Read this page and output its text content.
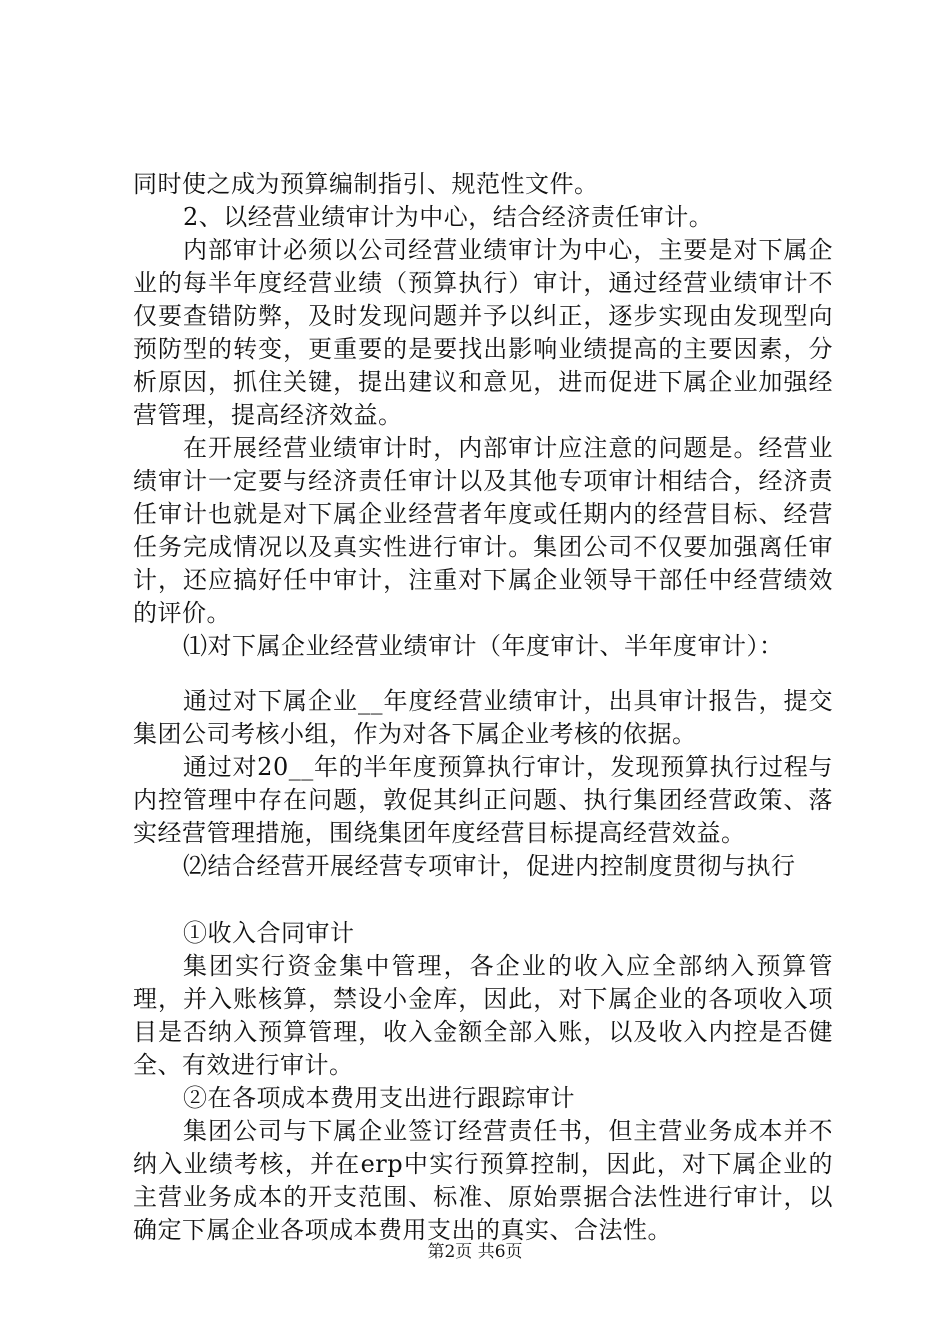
同时使之成为预算编制指引、规范性文件。

2、以经营业绩审计为中心，结合经济责任审计。

内部审计必须以公司经营业绩审计为中心，主要是对下属企业的每半年度经营业绩（预算执行）审计，通过经营业绩审计不仅要查错防弊，及时发现问题并予以纠正，逐步实现由发现型向预防型的转变，更重要的是要找出影响业绩提高的主要因素，分析原因，抓住关键，提出建议和意见，进而促进下属企业加强经营管理，提高经济效益。

在开展经营业绩审计时，内部审计应注意的问题是。经营业绩审计一定要与经济责任审计以及其他专项审计相结合，经济责任审计也就是对下属企业经营者年度或任期内的经营目标、经营任务完成情况以及真实性进行审计。集团公司不仅要加强离任审计，还应搞好任中审计，注重对下属企业领导干部任中经营绩效的评价。

⑴对下属企业经营业绩审计（年度审计、半年度审计）：

通过对下属企业__年度经营业绩审计，出具审计报告，提交集团公司考核小组，作为对各下属企业考核的依据。

通过对20__年的半年度预算执行审计，发现预算执行过程与内控管理中存在问题，敦促其纠正问题、执行集团经营政策、落实经营管理措施，围绕集团年度经营目标提高经营效益。

⑵结合经营开展经营专项审计，促进内控制度贯彻与执行

①收入合同审计

集团实行资金集中管理，各企业的收入应全部纳入预算管理，并入账核算，禁设小金库，因此，对下属企业的各项收入项目是否纳入预算管理，收入金额全部入账，以及收入内控是否健全、有效进行审计。

②在各项成本费用支出进行跟踪审计

集团公司与下属企业签订经营责任书，但主营业务成本并不纳入业绩考核，并在erp中实行预算控制，因此，对下属企业的主营业务成本的开支范围、标准、原始票据合法性进行审计，以确定下属企业各项成本费用支出的真实、合法性。

第2页 共6页
